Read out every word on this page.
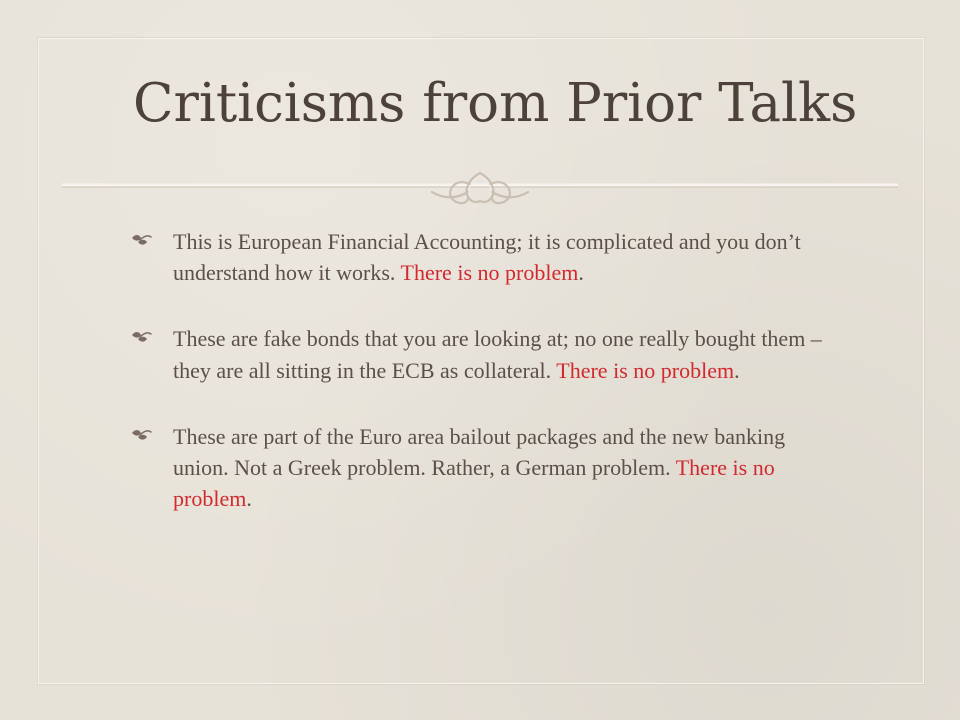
Criticisms from Prior Talks
This is European Financial Accounting; it is complicated and you don’t understand how it works. There is no problem.
These are fake bonds that you are looking at; no one really bought them – they are all sitting in the ECB as collateral. There is no problem.
These are part of the Euro area bailout packages and the new banking union. Not a Greek problem. Rather, a German problem. There is no problem.
